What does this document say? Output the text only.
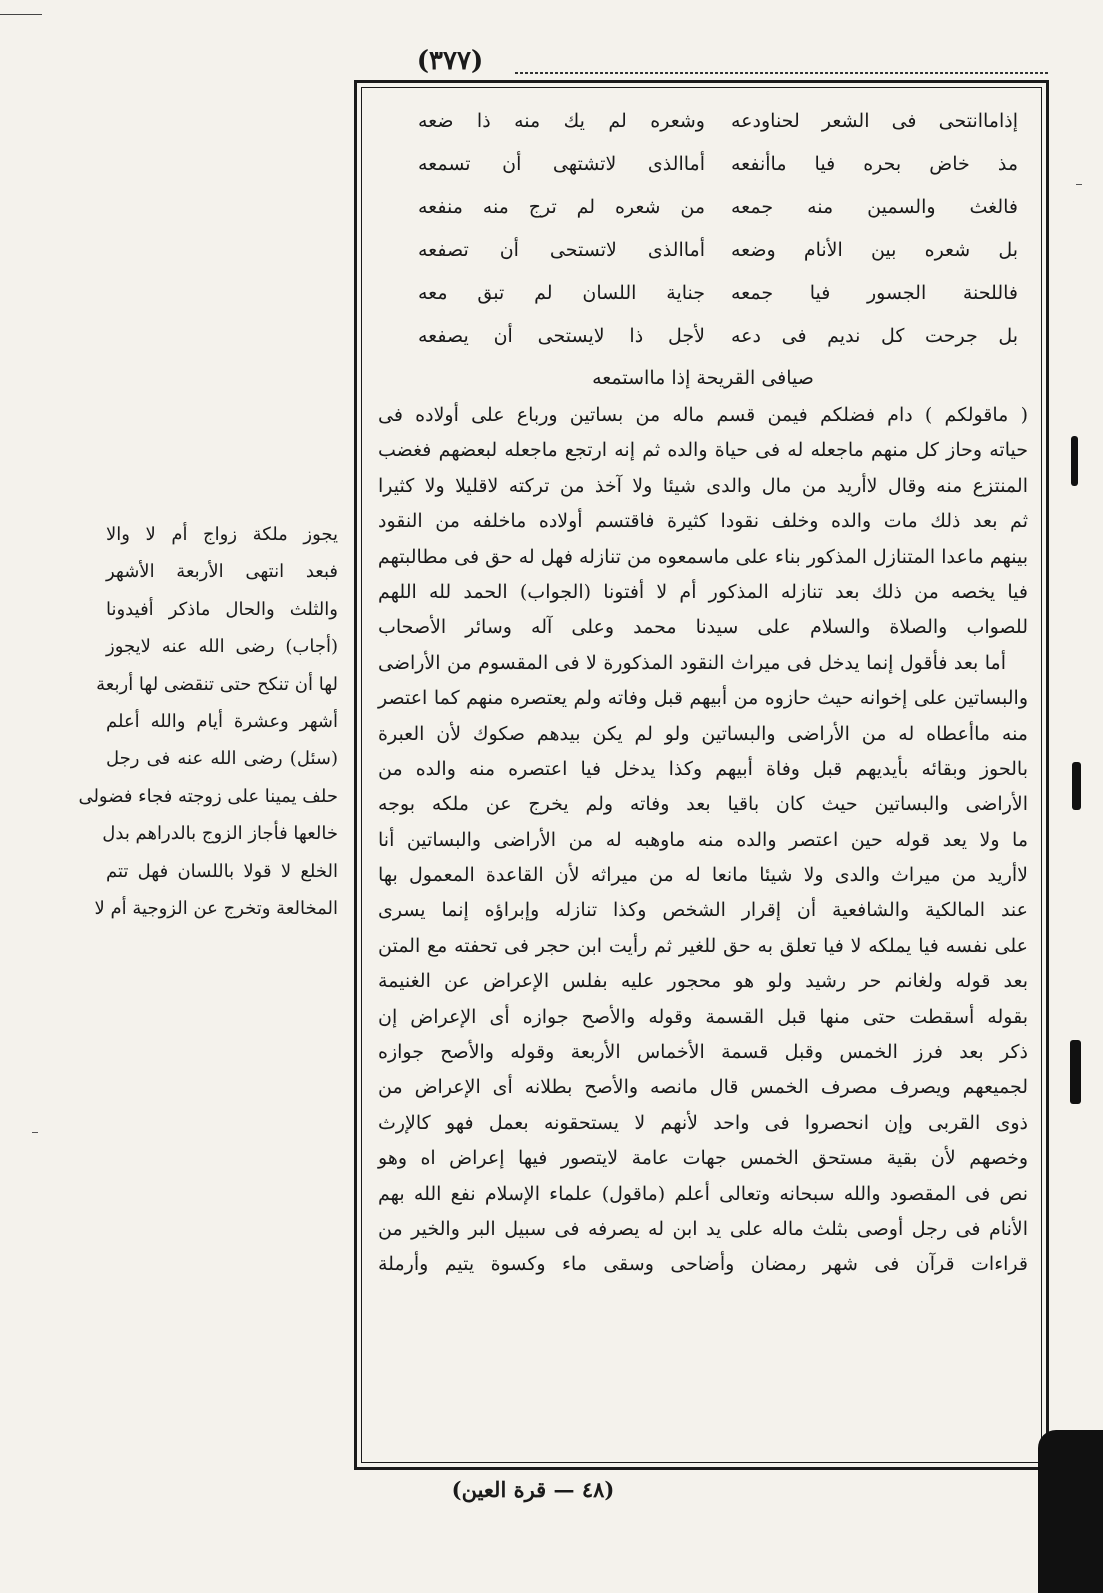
(٣٧٧)
إذاماانتحى فى الشعر لحناودعه
وشعره لم يك منه ذا ضعه
مذ خاض بحره فيا ماأنفعه
أماالذى لاتشتهى أن تسمعه
فالغث والسمين منه جمعه
من شعره لم ترج منه منفعه
بل شعره بين الأنام وضعه
أماالذى لاتستحى أن تصفعه
فاللحنة الجسور فيا جمعه
جناية اللسان لم تبق معه
بل جرحت كل نديم فى دعه
لأجل ذا لايستحى أن يصفعه
صيافى القريحة إذا مااستمعه
( ماقولكم ) دام فضلكم فيمن قسم ماله من بساتين ورباع على أولاده فى
حياته وحاز كل منهم ماجعله له فى حياة والده ثم إنه ارتجع ماجعله لبعضهم فغضب
المنتزع منه وقال لاأريد من مال والدى شيئا ولا آخذ من تركته لاقليلا ولا كثيرا
ثم بعد ذلك مات والده وخلف نقودا كثيرة فاقتسم أولاده ماخلفه من النقود
بينهم ماعدا المتنازل المذكور بناء على ماسمعوه من تنازله فهل له حق فى مطالبتهم
فيا يخصه من ذلك بعد تنازله المذكور أم لا أفتونا (الجواب) الحمد لله اللهم
للصواب والصلاة والسلام على سيدنا محمد وعلى آله وسائر الأصحاب
أما بعد فأقول إنما يدخل فى ميراث النقود المذكورة لا فى المقسوم من الأراضى
والبساتين على إخوانه حيث حازوه من أبيهم قبل وفاته ولم يعتصره منهم كما اعتصر
منه ماأعطاه له من الأراضى والبساتين ولو لم يكن بيدهم صكوك لأن العبرة
بالحوز وبقائه بأيديهم قبل وفاة أبيهم وكذا يدخل فيا اعتصره منه والده من
الأراضى والبساتين حيث كان باقيا بعد وفاته ولم يخرج عن ملكه بوجه
ما ولا يعد قوله حين اعتصر والده منه ماوهبه له من الأراضى والبساتين أنا
لاأريد من ميراث والدى ولا شيئا مانعا له من ميراثه لأن القاعدة المعمول بها
عند المالكية والشافعية أن إقرار الشخص وكذا تنازله وإبراؤه إنما يسرى
على نفسه فيا يملكه لا فيا تعلق به حق للغير ثم رأيت ابن حجر فى تحفته مع المتن
بعد قوله ولغانم حر رشيد ولو هو محجور عليه بفلس الإعراض عن الغنيمة
بقوله أسقطت حتى منها قبل القسمة وقوله والأصح جوازه أى الإعراض إن
ذكر بعد فرز الخمس وقبل قسمة الأخماس الأربعة وقوله والأصح جوازه
لجميعهم ويصرف مصرف الخمس قال مانصه والأصح بطلانه أى الإعراض من
ذوى القربى وإن انحصروا فى واحد لأنهم لا يستحقونه بعمل فهو كالإرث
وخصهم لأن بقية مستحق الخمس جهات عامة لايتصور فيها إعراض اه وهو
نص فى المقصود والله سبحانه وتعالى أعلم (ماقول) علماء الإسلام نفع الله بهم
الأنام فى رجل أوصى بثلث ماله على يد ابن له يصرفه فى سبيل البر والخير من
قراءات قرآن فى شهر رمضان وأضاحى وسقى ماء وكسوة يتيم وأرملة
يجوز ملكة زواج أم لا والا
فبعد انتهى الأربعة الأشهر
والثلث والحال ماذكر أفيدونا
(أجاب) رضى الله عنه لايجوز
لها أن تنكح حتى تنقضى لها أربعة
أشهر وعشرة أيام والله أعلم
(سئل) رضى الله عنه فى رجل
حلف يمينا على زوجته فجاء فضولى
خالعها فأجاز الزوج بالدراهم بدل
الخلع لا قولا باللسان فهل تتم
المخالعة وتخرج عن الزوجية أم لا
(٤٨ — قرة العين)
